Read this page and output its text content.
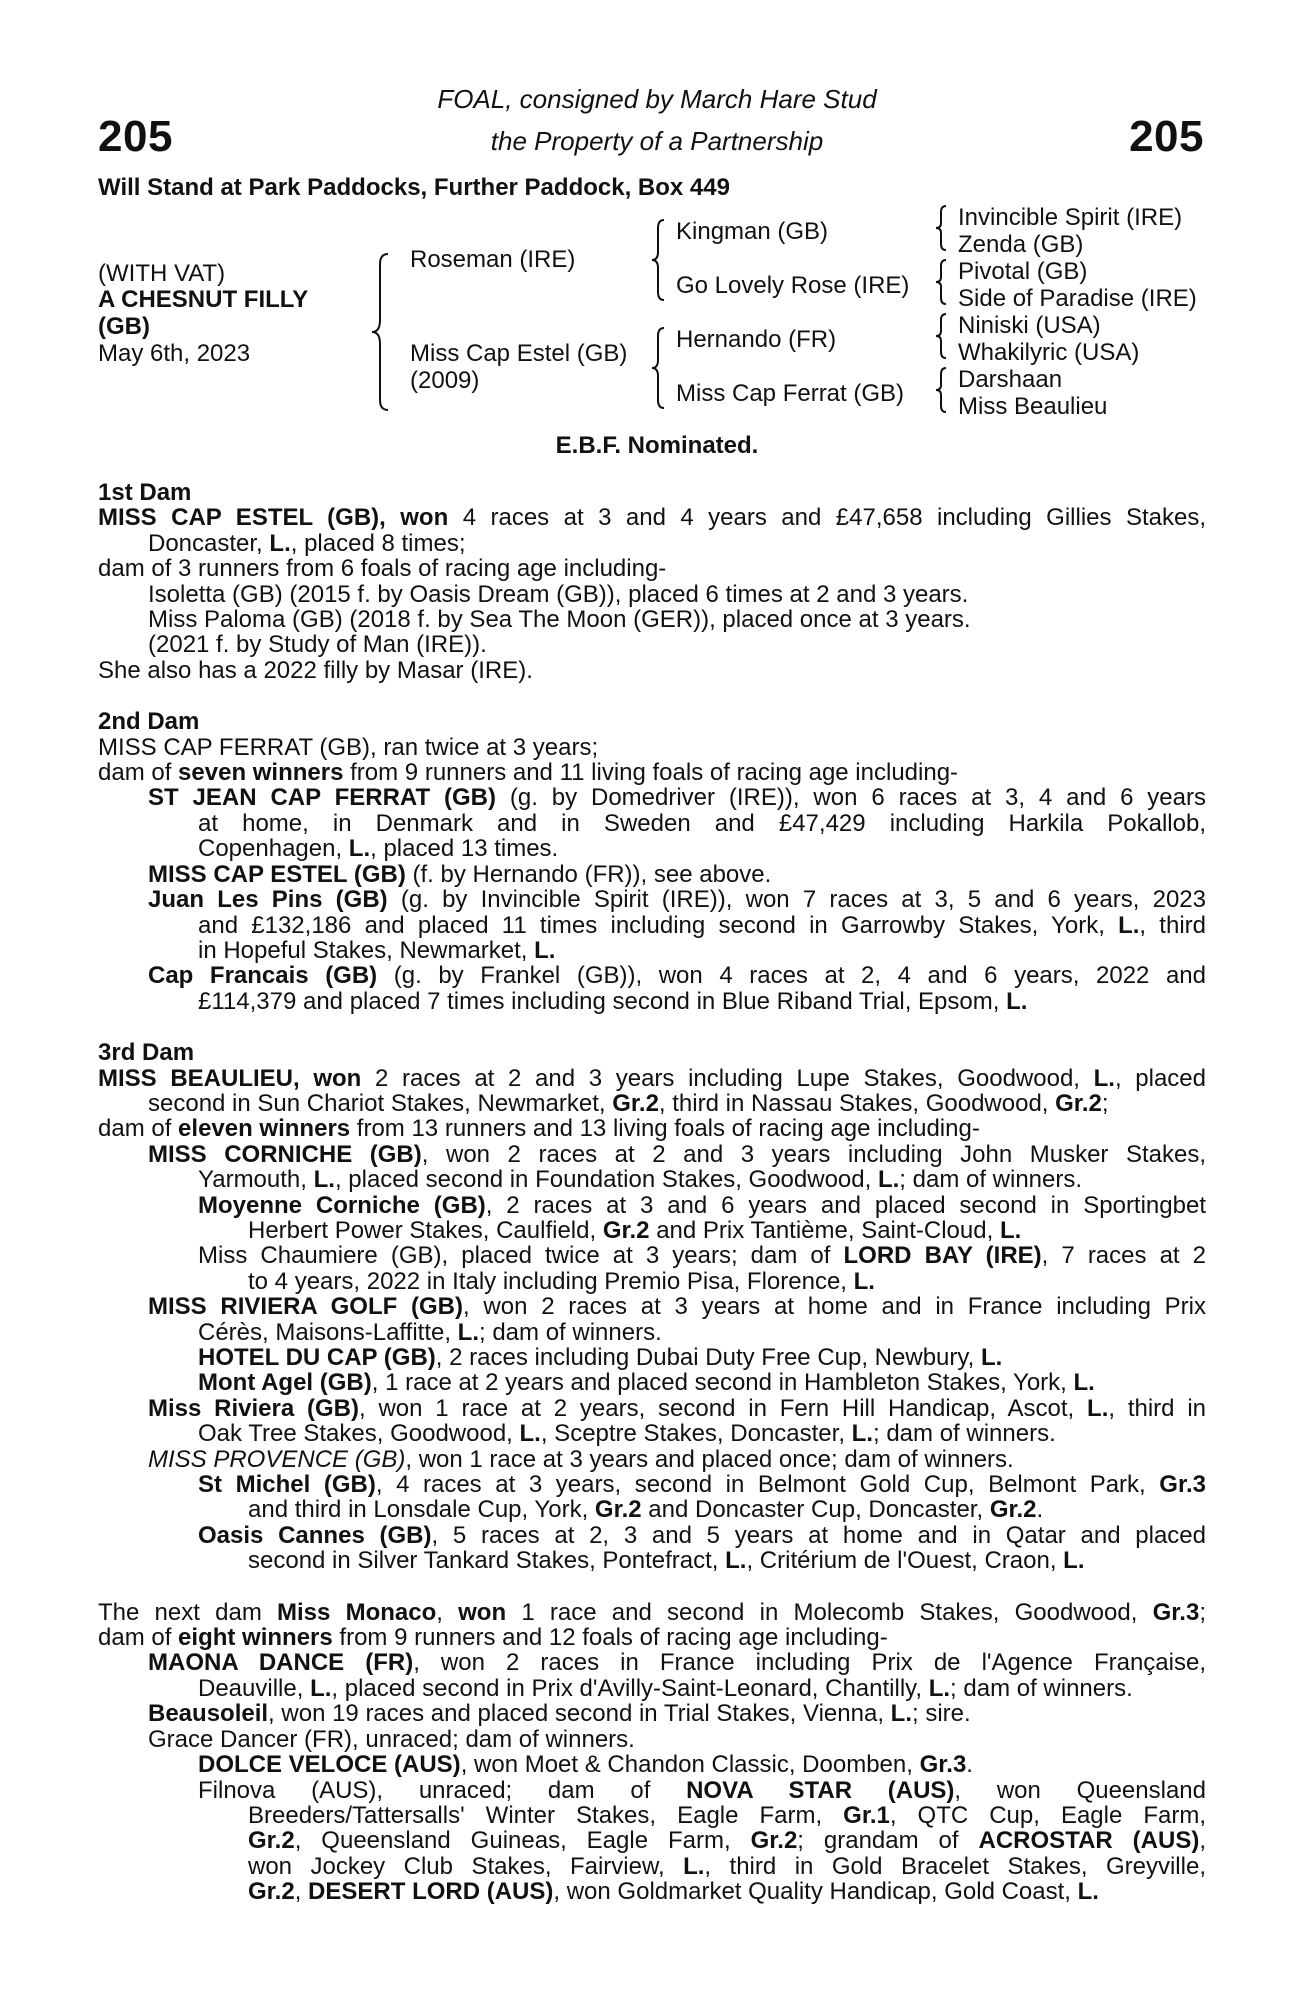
205	205
FOAL, consigned by March Hare Stud
the Property of a Partnership
Will Stand at Park Paddocks, Further Paddock, Box 449
(WITH VAT)
A CHESNUT FILLY
(GB)
May 6th, 2023
Roseman (IRE)
Miss Cap Estel (GB)
(2009)
Kingman (GB)
Go Lovely Rose (IRE)
Hernando (FR)
Miss Cap Ferrat (GB)
Invincible Spirit (IRE)
Zenda (GB)
Pivotal (GB)
Side of Paradise (IRE)
Niniski (USA)
Whakilyric (USA)
Darshaan
Miss Beaulieu
E.B.F. Nominated.
1st Dam
MISS CAP ESTEL (GB), won 4 races at 3 and 4 years and £47,658 including Gillies Stakes,
Doncaster, L., placed 8 times;
dam of 3 runners from 6 foals of racing age including-
Isoletta (GB) (2015 f. by Oasis Dream (GB)), placed 6 times at 2 and 3 years.
Miss Paloma (GB) (2018 f. by Sea The Moon (GER)), placed once at 3 years.
(2021 f. by Study of Man (IRE)).
She also has a 2022 filly by Masar (IRE).
2nd Dam
MISS CAP FERRAT (GB), ran twice at 3 years;
dam of seven winners from 9 runners and 11 living foals of racing age including-
ST JEAN CAP FERRAT (GB) (g. by Domedriver (IRE)), won 6 races at 3, 4 and 6 years
at home, in Denmark and in Sweden and £47,429 including Harkila Pokallob,
Copenhagen, L., placed 13 times.
MISS CAP ESTEL (GB) (f. by Hernando (FR)), see above.
Juan Les Pins (GB) (g. by Invincible Spirit (IRE)), won 7 races at 3, 5 and 6 years, 2023
and £132,186 and placed 11 times including second in Garrowby Stakes, York, L., third
in Hopeful Stakes, Newmarket, L.
Cap Francais (GB) (g. by Frankel (GB)), won 4 races at 2, 4 and 6 years, 2022 and
£114,379 and placed 7 times including second in Blue Riband Trial, Epsom, L.
3rd Dam
MISS BEAULIEU, won 2 races at 2 and 3 years including Lupe Stakes, Goodwood, L., placed
second in Sun Chariot Stakes, Newmarket, Gr.2, third in Nassau Stakes, Goodwood, Gr.2;
dam of eleven winners from 13 runners and 13 living foals of racing age including-
MISS CORNICHE (GB), won 2 races at 2 and 3 years including John Musker Stakes,
Yarmouth, L., placed second in Foundation Stakes, Goodwood, L.; dam of winners.
Moyenne Corniche (GB), 2 races at 3 and 6 years and placed second in Sportingbet
Herbert Power Stakes, Caulfield, Gr.2 and Prix Tantième, Saint-Cloud, L.
Miss Chaumiere (GB), placed twice at 3 years; dam of LORD BAY (IRE), 7 races at 2
to 4 years, 2022 in Italy including Premio Pisa, Florence, L.
MISS RIVIERA GOLF (GB), won 2 races at 3 years at home and in France including Prix
Cérès, Maisons-Laffitte, L.; dam of winners.
HOTEL DU CAP (GB), 2 races including Dubai Duty Free Cup, Newbury, L.
Mont Agel (GB), 1 race at 2 years and placed second in Hambleton Stakes, York, L.
Miss Riviera (GB), won 1 race at 2 years, second in Fern Hill Handicap, Ascot, L., third in
Oak Tree Stakes, Goodwood, L., Sceptre Stakes, Doncaster, L.; dam of winners.
MISS PROVENCE (GB), won 1 race at 3 years and placed once; dam of winners.
St Michel (GB), 4 races at 3 years, second in Belmont Gold Cup, Belmont Park, Gr.3
and third in Lonsdale Cup, York, Gr.2 and Doncaster Cup, Doncaster, Gr.2.
Oasis Cannes (GB), 5 races at 2, 3 and 5 years at home and in Qatar and placed
second in Silver Tankard Stakes, Pontefract, L., Critérium de l'Ouest, Craon, L.
The next dam Miss Monaco, won 1 race and second in Molecomb Stakes, Goodwood, Gr.3;
dam of eight winners from 9 runners and 12 foals of racing age including-
MAONA DANCE (FR), won 2 races in France including Prix de l'Agence Française,
Deauville, L., placed second in Prix d'Avilly-Saint-Leonard, Chantilly, L.; dam of winners.
Beausoleil, won 19 races and placed second in Trial Stakes, Vienna, L.; sire.
Grace Dancer (FR), unraced; dam of winners.
DOLCE VELOCE (AUS), won Moet & Chandon Classic, Doomben, Gr.3.
Filnova (AUS), unraced; dam of NOVA STAR (AUS), won Queensland
Breeders/Tattersalls' Winter Stakes, Eagle Farm, Gr.1, QTC Cup, Eagle Farm,
Gr.2, Queensland Guineas, Eagle Farm, Gr.2; grandam of ACROSTAR (AUS),
won Jockey Club Stakes, Fairview, L., third in Gold Bracelet Stakes, Greyville,
Gr.2, DESERT LORD (AUS), won Goldmarket Quality Handicap, Gold Coast, L.
